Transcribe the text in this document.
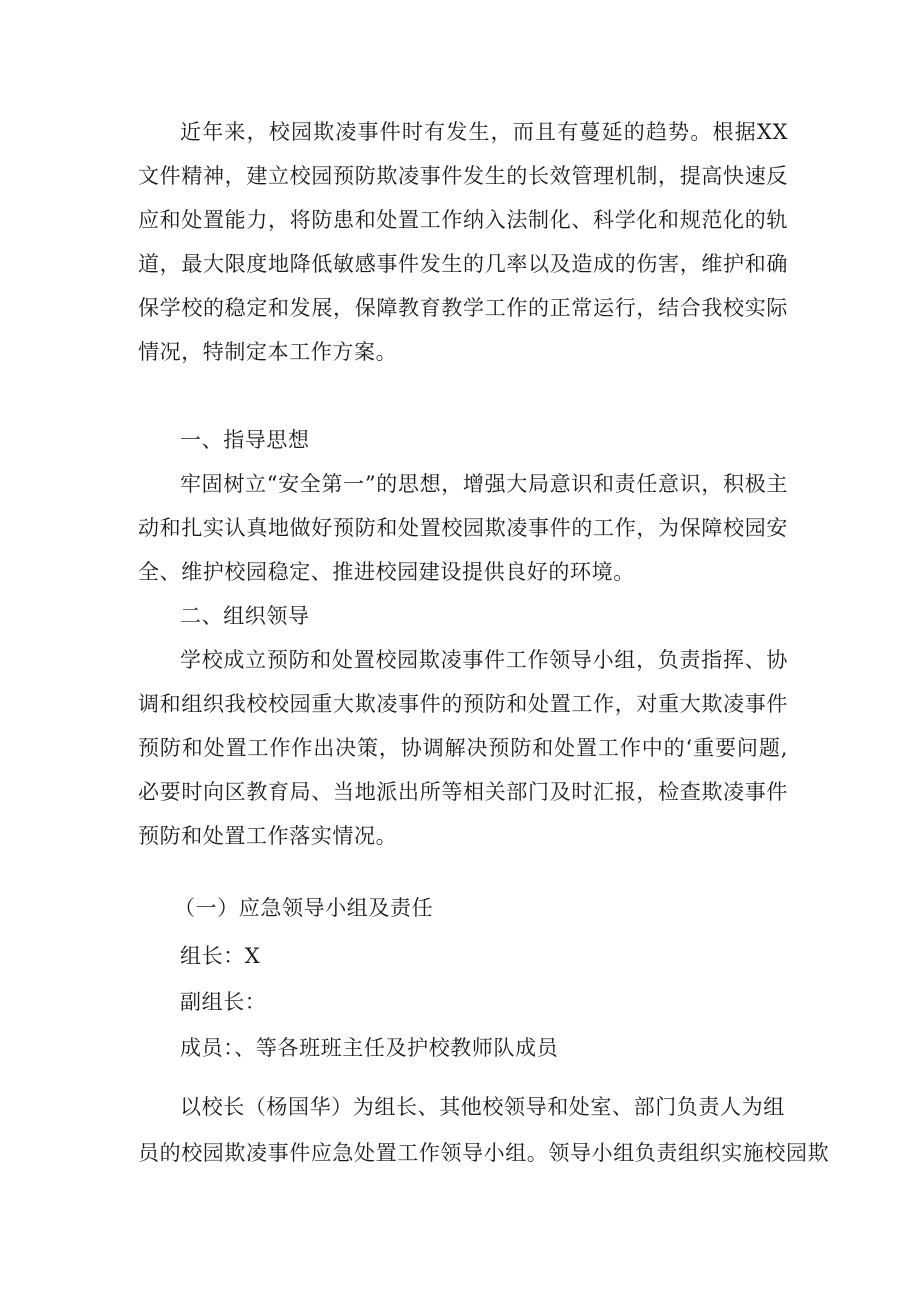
近年来，校园欺凌事件时有发生，而且有蔓延的趋势。根据XX文件精神，建立校园预防欺凌事件发生的长效管理机制，提高快速反应和处置能力，将防患和处置工作纳入法制化、科学化和规范化的轨道，最大限度地降低敏感事件发生的几率以及造成的伤害，维护和确保学校的稳定和发展，保障教育教学工作的正常运行，结合我校实际情况，特制定本工作方案。

一、指导思想

牢固树立“安全第一”的思想，增强大局意识和责任意识，积极主动和扎实认真地做好预防和处置校园欺凌事件的工作，为保障校园安全、维护校园稳定、推进校园建设提供良好的环境。

二、组织领导

学校成立预防和处置校园欺凌事件工作领导小组，负责指挥、协调和组织我校校园重大欺凌事件的预防和处置工作，对重大欺凌事件预防和处置工作作出决策，协调解决预防和处置工作中的‘重要问题,必要时向区教育局、当地派出所等相关部门及时汇报，检查欺凌事件预防和处置工作落实情况。

（一）应急领导小组及责任

组长：X

副组长：

成员：、等各班班主任及护校教师队成员

以校长（杨国华）为组长、其他校领导和处室、部门负责人为组

员的校园欺凌事件应急处置工作领导小组。领导小组负责组织实施校园欺
